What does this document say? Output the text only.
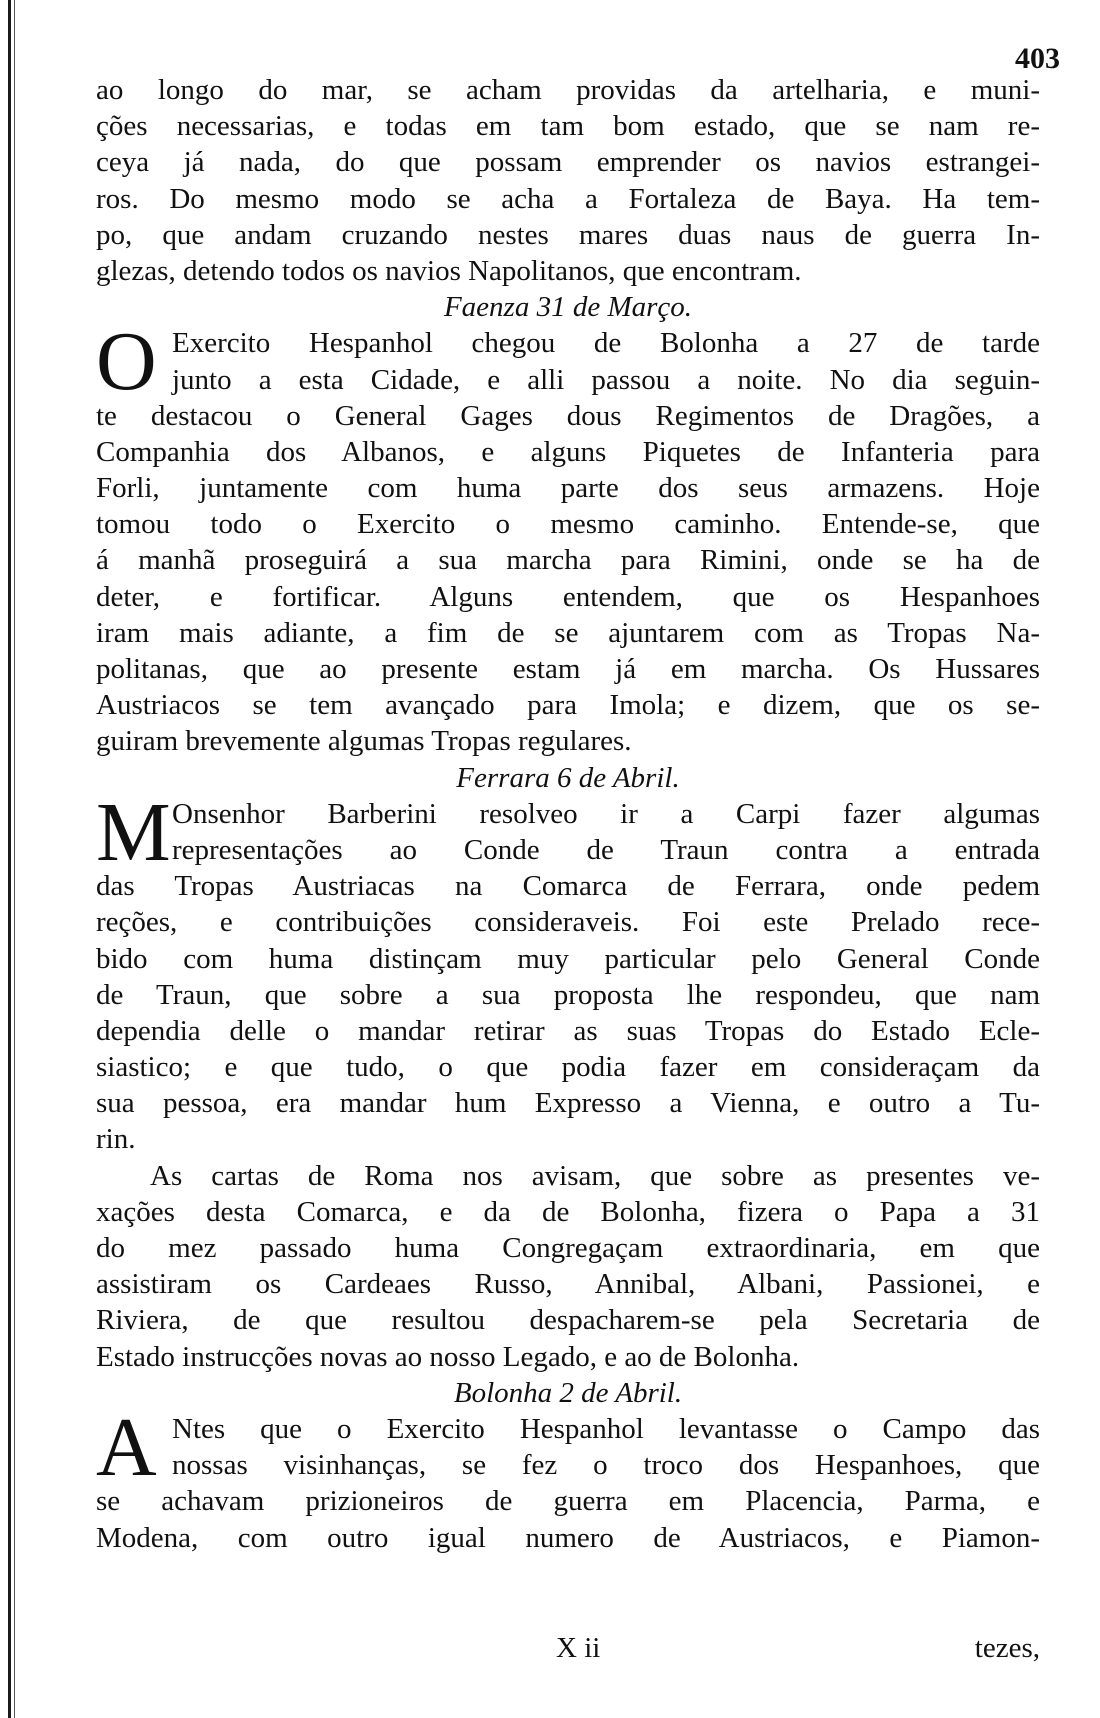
403
ao longo do mar, se acham providas da artelharia, e muni-
ções necessarias, e todas em tam bom estado, que se nam re-
ceya já nada, do que possam emprender os navios estrangei-
ros. Do mesmo modo se acha a Fortaleza de Baya. Ha tem-
po, que andam cruzando nestes mares duas naus de guerra In-
glezas, detendo todos os navios Napolitanos, que encontram.
Faenza 31 de Março.
O Exercito Hespanhol chegou de Bolonha a 27 de tarde
junto a esta Cidade, e alli passou a noite. No dia seguin-
te destacou o General Gages dous Regimentos de Dragões, a
Companhia dos Albanos, e alguns Piquetes de Infanteria para
Forli, juntamente com huma parte dos seus armazens. Hoje
tomou todo o Exercito o mesmo caminho. Entende-se, que
á manhã proseguirá a sua marcha para Rimini, onde se ha de
deter, e fortificar. Alguns entendem, que os Hespanhoes
iram mais adiante, a fim de se ajuntarem com as Tropas Na-
politanas, que ao presente estam já em marcha. Os Hussares
Austriacos se tem avançado para Imola; e dizem, que os se-
guiram brevemente algumas Tropas regulares.
Ferrara 6 de Abril.
M Onsenhor Barberini resolveo ir a Carpi fazer algumas
representações ao Conde de Traun contra a entrada
das Tropas Austriacas na Comarca de Ferrara, onde pedem
reções, e contribuições consideraveis. Foi este Prelado rece-
bido com huma distinçam muy particular pelo General Conde
de Traun, que sobre a sua proposta lhe respondeu, que nam
dependia delle o mandar retirar as suas Tropas do Estado Ecle-
siastico; e que tudo, o que podia fazer em consideraçam da
sua pessoa, era mandar hum Expresso a Vienna, e outro a Tu-
rin.
As cartas de Roma nos avisam, que sobre as presentes ve-
xações desta Comarca, e da de Bolonha, fizera o Papa a 31
do mez passado huma Congregaçam extraordinaria, em que
assistiram os Cardeaes Russo, Annibal, Albani, Passionei, e
Riviera, de que resultou despacharem-se pela Secretaria de
Estado instrucções novas ao nosso Legado, e ao de Bolonha.
Bolonha 2 de Abril.
A Ntes que o Exercito Hespanhol levantasse o Campo das
nossas visinhanças, se fez o troco dos Hespanhoes, que
se achavam prizioneiros de guerra em Placencia, Parma, e
Modena, com outro igual numero de Austriacos, e Piamon-
X ii	tezes,
